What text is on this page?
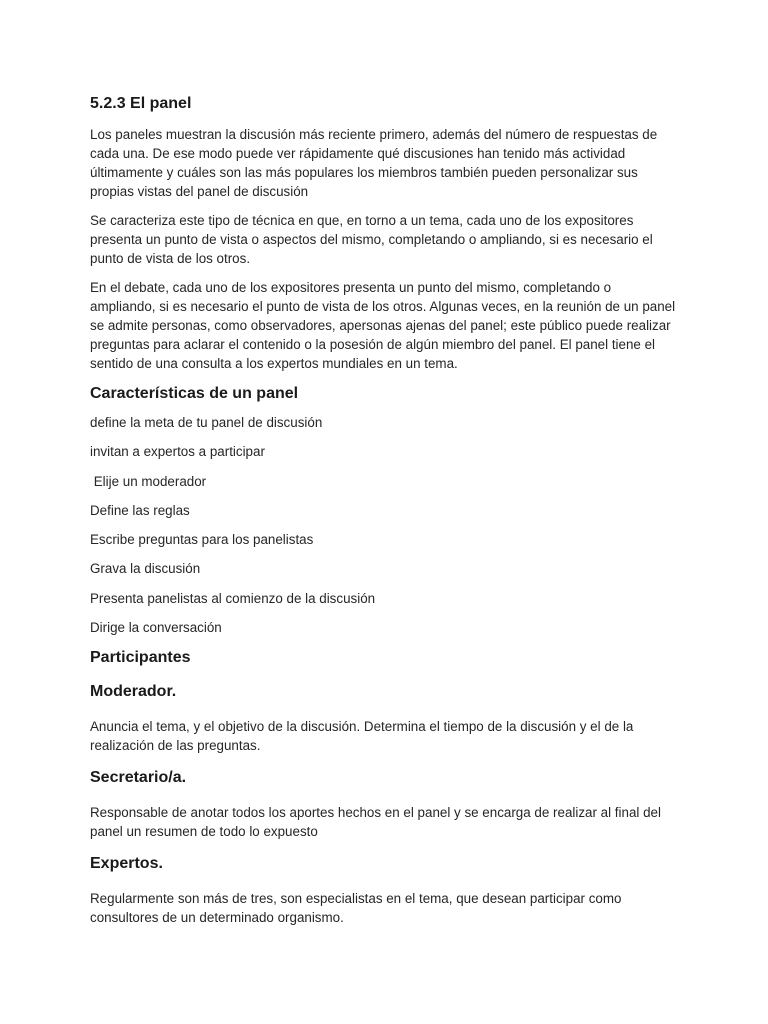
5.2.3 El panel

Los paneles muestran la discusión más reciente primero, además del número de respuestas de cada una. De ese modo puede ver rápidamente qué discusiones han tenido más actividad últimamente y cuáles son las más populares los miembros también pueden personalizar sus propias vistas del panel de discusión

Se caracteriza este tipo de técnica en que, en torno a un tema, cada uno de los expositores presenta un punto de vista o aspectos del mismo, completando o ampliando, si es necesario el punto de vista de los otros.

En el debate, cada uno de los expositores presenta un punto del mismo, completando o ampliando, si es necesario el punto de vista de los otros. Algunas veces, en la reunión de un panel se admite personas, como observadores, apersonas ajenas del panel; este público puede realizar preguntas para aclarar el contenido o la posesión de algún miembro del panel. El panel tiene el sentido de una consulta a los expertos mundiales en un tema.

Características de un panel

define la meta de tu panel de discusión

invitan a expertos a participar

Elije un moderador

Define las reglas

Escribe preguntas para los panelistas

Grava la discusión

Presenta panelistas al comienzo de la discusión

Dirige la conversación

Participantes
Moderador.

Anuncia el tema, y el objetivo de la discusión. Determina el tiempo de la discusión y el de la realización de las preguntas.

Secretario/a.

Responsable de anotar todos los aportes hechos en el panel y se encarga de realizar al final del panel un resumen de todo lo expuesto

Expertos.

Regularmente son más de tres, son especialistas en el tema, que desean participar como consultores de un determinado organismo.
